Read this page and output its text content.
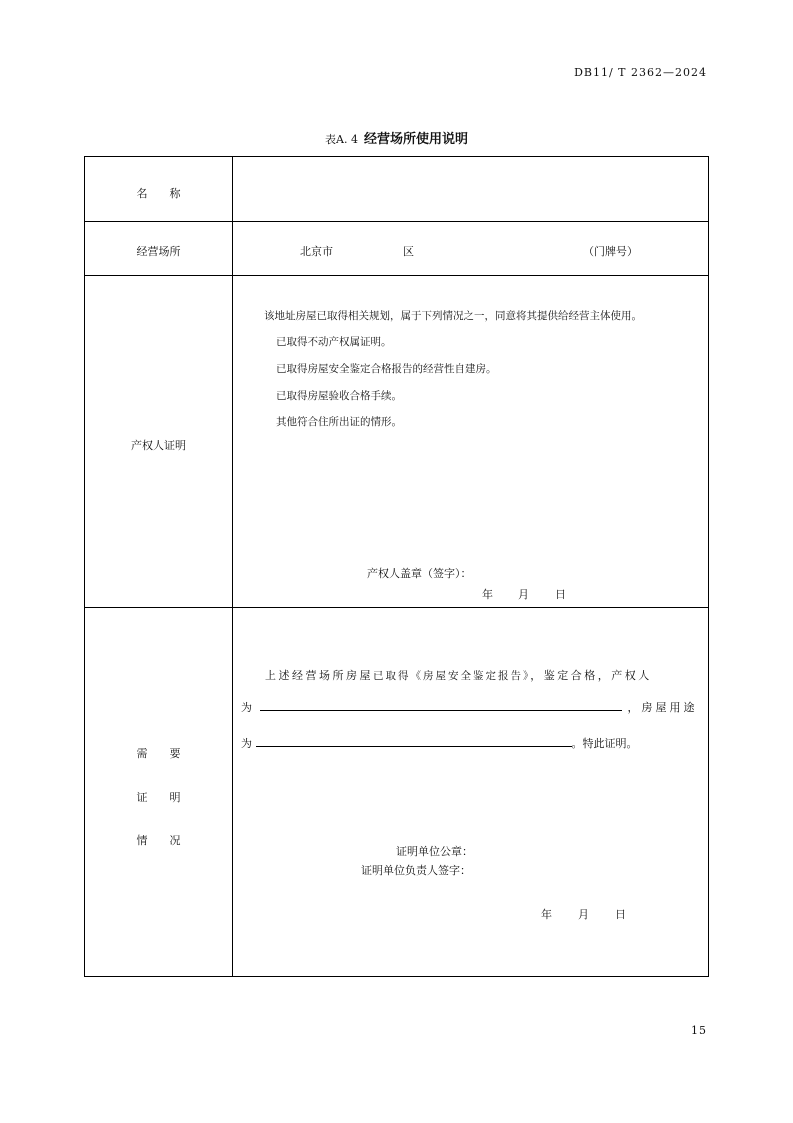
DB11/ T 2362—2024
表A. 4 经营场所使用说明
名　　称
经营场所	北京市	区	（门牌号）
产权人证明
该地址房屋已取得相关规划，属于下列情况之一，同意将其提供给经营主体使用。
已取得不动产权属证明。
已取得房屋安全鉴定合格报告的经营性自建房。
已取得房屋验收合格手续。
其他符合住所出证的情形。
产权人盖章（签字）：
年 月 日
需　　要
证　　明
情　　况
上述经营场所房屋已取得《房屋安全鉴定报告》，鉴定合格，产权人
为	，房屋用途
为	。特此证明。
证明单位公章：
证明单位负责人签字：
年 月 日
15
